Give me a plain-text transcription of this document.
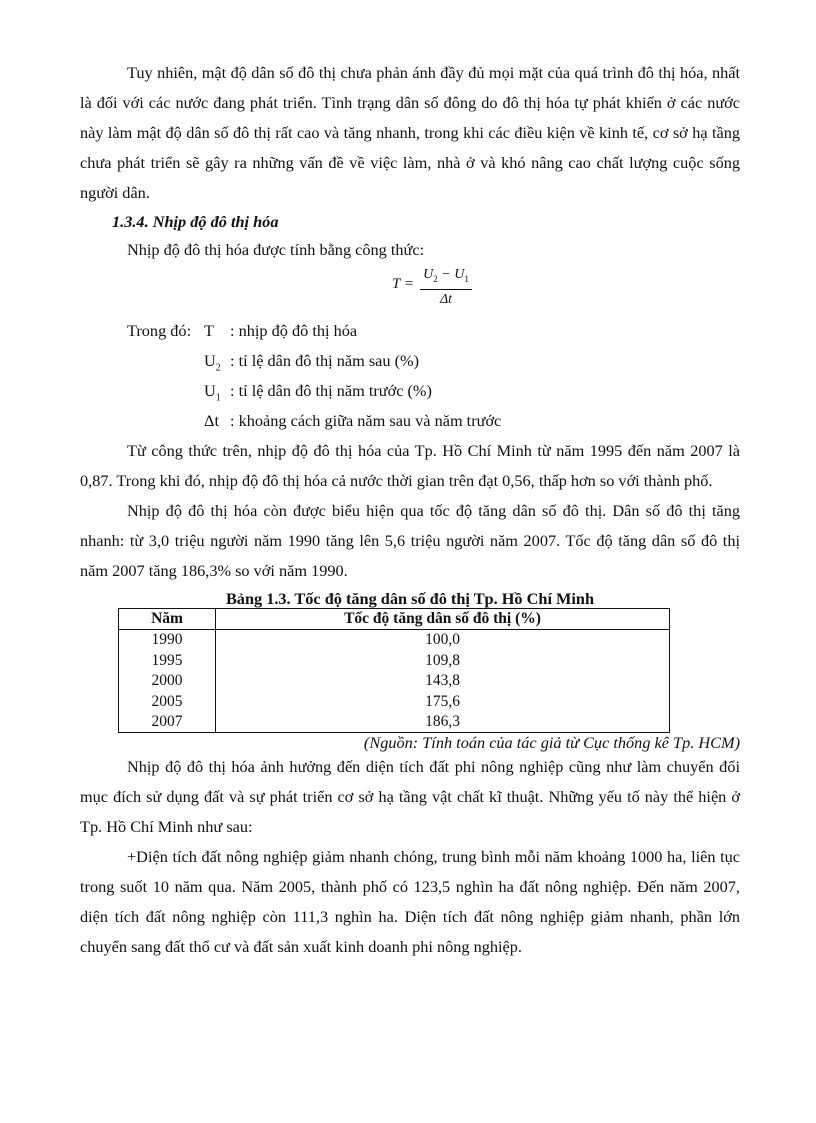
Tuy nhiên, mật độ dân số đô thị chưa phản ánh đầy đủ mọi mặt của quá trình đô thị hóa, nhất là đối với các nước đang phát triển. Tình trạng dân số đông do đô thị hóa tự phát khiến ở các nước này làm mật độ dân số đô thị rất cao và tăng nhanh, trong khi các điều kiện về kinh tế, cơ sở hạ tầng chưa phát triển sẽ gây ra những vấn đề về việc làm, nhà ở và khó nâng cao chất lượng cuộc sống người dân.

1.3.4. Nhịp độ đô thị hóa

Nhịp độ đô thị hóa được tính bằng công thức:

T =
$U_2 - U_1$
Δt
Trong đó: T : nhịp độ đô thị hóa
$U_2$ : tỉ lệ dân đô thị năm sau (%)
$U_1$ : tỉ lệ dân đô thị năm trước (%)
Δt : khoảng cách giữa năm sau và năm trước

Từ công thức trên, nhịp độ đô thị hóa của Tp. Hồ Chí Minh từ năm 1995 đến năm 2007 là 0,87. Trong khi đó, nhịp độ đô thị hóa cả nước thời gian trên đạt 0,56, thấp hơn so với thành phố.

Nhịp độ đô thị hóa còn được biểu hiện qua tốc độ tăng dân số đô thị. Dân số đô thị tăng nhanh: từ 3,0 triệu người năm 1990 tăng lên 5,6 triệu người năm 2007. Tốc độ tăng dân số đô thị năm 2007 tăng 186,3% so với năm 1990.

Bảng 1.3. Tốc độ tăng dân số đô thị Tp. Hồ Chí Minh
Năm	Tốc độ tăng dân số đô thị (%)
1990	100,0
1995	109,8
2000	143,8
2005	175,6
2007	186,3

(Nguồn: Tính toán của tác giả từ Cục thống kê Tp. HCM)

Nhịp độ đô thị hóa ảnh hưởng đến diện tích đất phi nông nghiệp cũng như làm chuyển đổi mục đích sử dụng đất và sự phát triển cơ sở hạ tầng vật chất kĩ thuật. Những yếu tố này thể hiện ở Tp. Hồ Chí Minh như sau:

+Diện tích đất nông nghiệp giảm nhanh chóng, trung bình mỗi năm khoảng 1000 ha, liên tục trong suốt 10 năm qua. Năm 2005, thành phố có 123,5 nghìn ha đất nông nghiệp. Đến năm 2007, diện tích đất nông nghiệp còn 111,3 nghìn ha. Diện tích đất nông nghiệp giảm nhanh, phần lớn chuyển sang đất thổ cư và đất sản xuất kinh doanh phi nông nghiệp.
